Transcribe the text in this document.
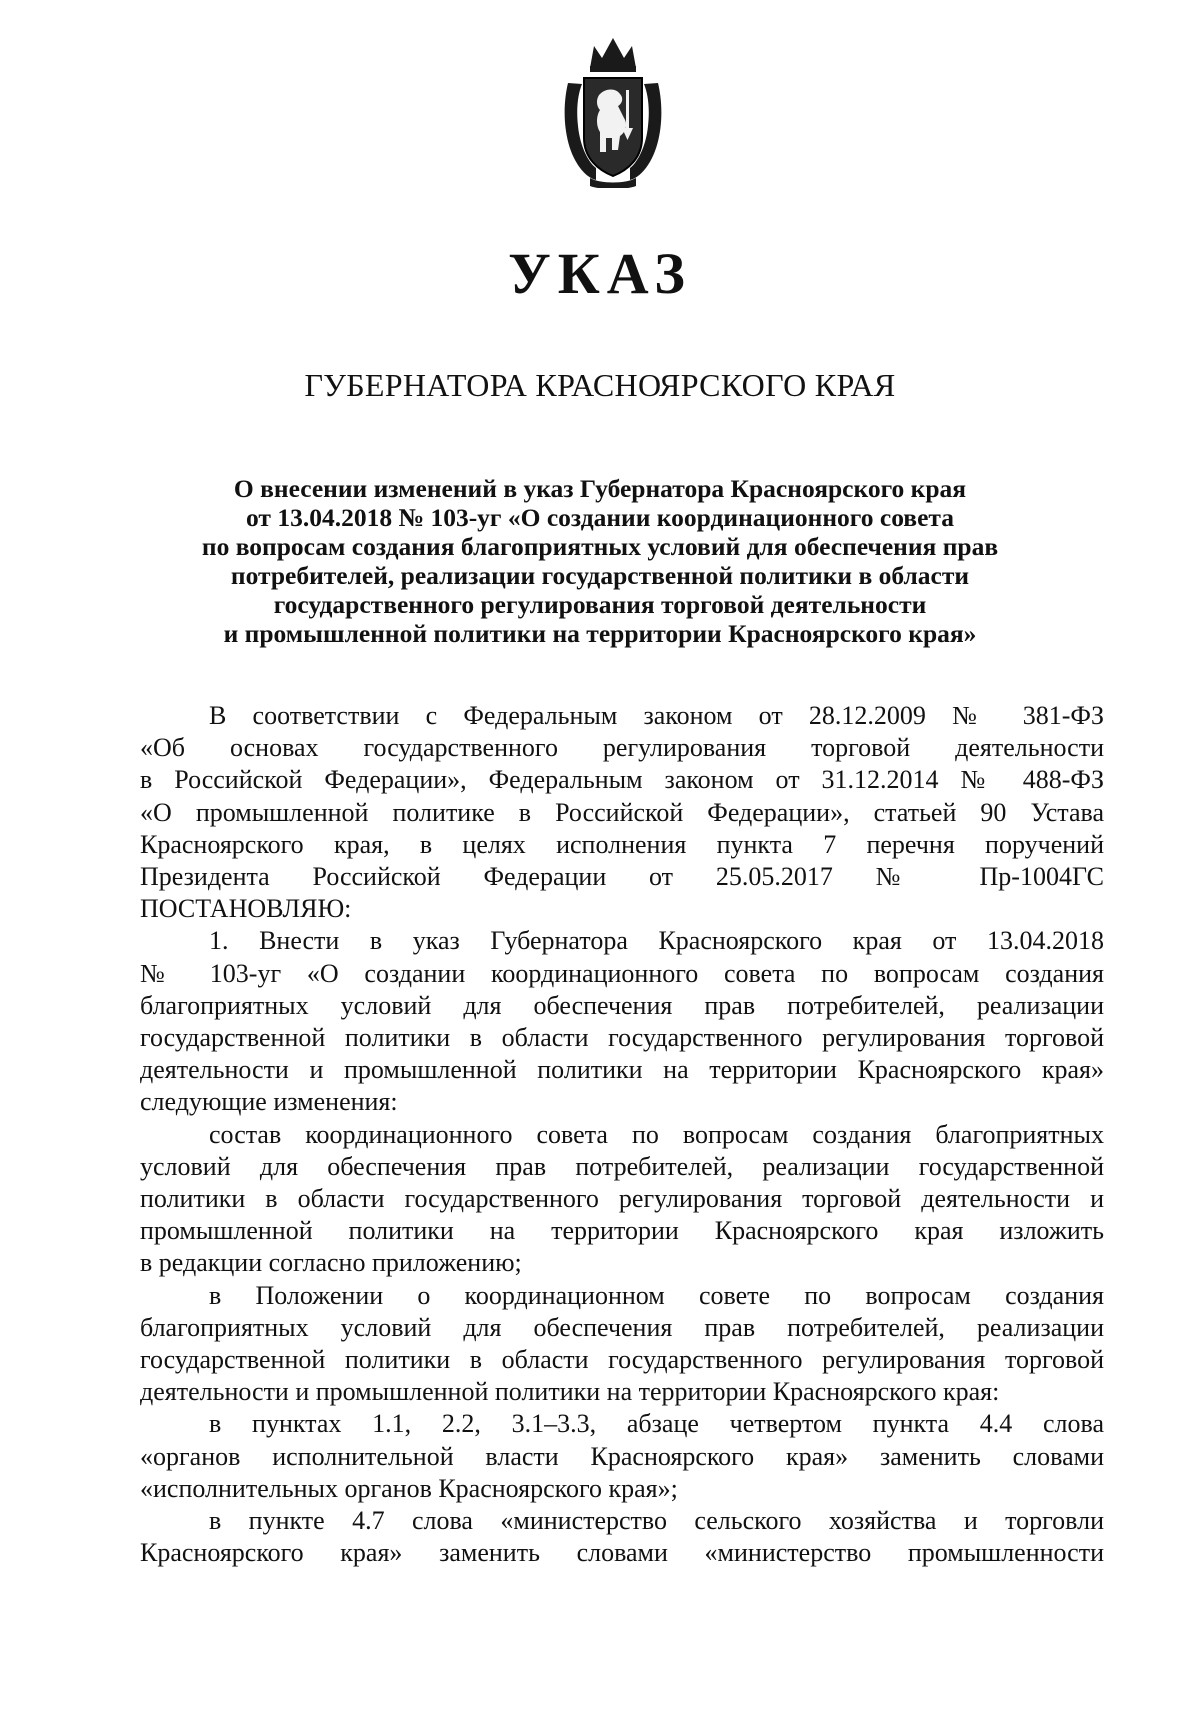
УКАЗ
ГУБЕРНАТОРА КРАСНОЯРСКОГО КРАЯ
О внесении изменений в указ Губернатора Красноярского края
от 13.04.2018 № 103-уг «О создании координационного совета
по вопросам создания благоприятных условий для обеспечения прав
потребителей, реализации государственной политики в области
государственного регулирования торговой деятельности
и промышленной политики на территории Красноярского края»
В соответствии с Федеральным законом от 28.12.2009 № 381-ФЗ
«Об основах государственного регулирования торговой деятельности
в Российской Федерации», Федеральным законом от 31.12.2014 № 488-ФЗ
«О промышленной политике в Российской Федерации», статьей 90 Устава
Красноярского края, в целях исполнения пункта 7 перечня поручений
Президента Российской Федерации от 25.05.2017 № Пр-1004ГС
ПОСТАНОВЛЯЮ:
1. Внести в указ Губернатора Красноярского края от 13.04.2018
№ 103-уг «О создании координационного совета по вопросам создания
благоприятных условий для обеспечения прав потребителей, реализации
государственной политики в области государственного регулирования торговой
деятельности и промышленной политики на территории Красноярского края»
следующие изменения:
состав координационного совета по вопросам создания благоприятных
условий для обеспечения прав потребителей, реализации государственной
политики в области государственного регулирования торговой деятельности и
промышленной политики на территории Красноярского края изложить
в редакции согласно приложению;
в Положении о координационном совете по вопросам создания
благоприятных условий для обеспечения прав потребителей, реализации
государственной политики в области государственного регулирования торговой
деятельности и промышленной политики на территории Красноярского края:
в пунктах 1.1, 2.2, 3.1–3.3, абзаце четвертом пункта 4.4 слова
«органов исполнительной власти Красноярского края» заменить словами
«исполнительных органов Красноярского края»;
в пункте 4.7 слова «министерство сельского хозяйства и торговли
Красноярского края» заменить словами «министерство промышленности
